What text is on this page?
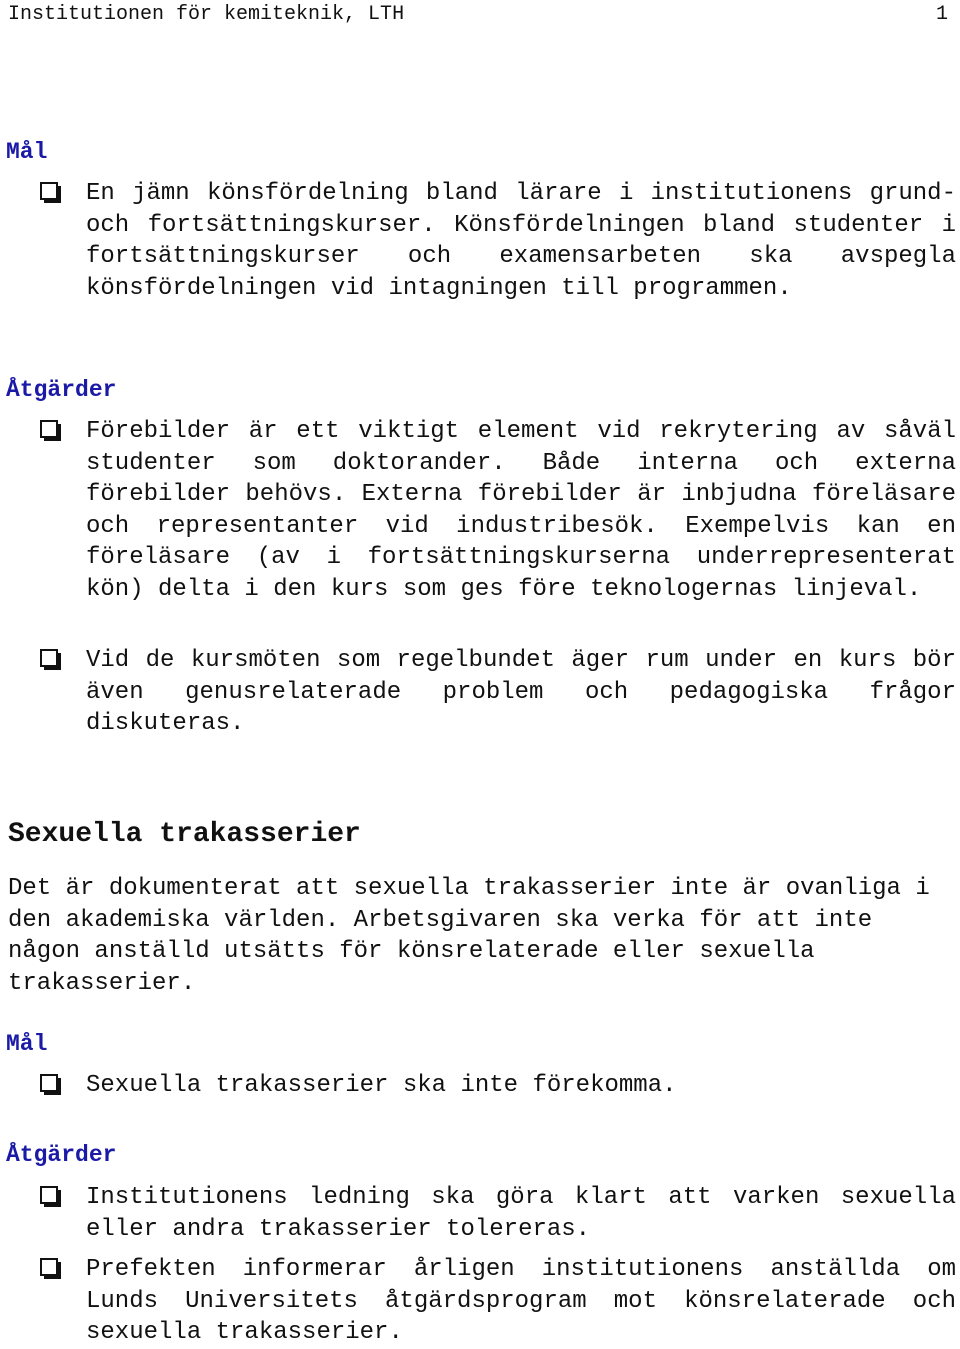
Institutionen för kemiteknik, LTH	1
Mål
En jämn könsfördelning bland lärare i institutionens grund- och fortsättningskurser. Könsfördelningen bland studenter i fortsättningskurser och examensarbeten ska avspegla könsfördelningen vid intagningen till programmen.
Åtgärder
Förebilder är ett viktigt element vid rekrytering av såväl studenter som doktorander. Både interna och externa förebilder behövs. Externa förebilder är inbjudna föreläsare och representanter vid industribesök. Exempelvis kan en föreläsare (av i fortsättningskurserna underrepresenterat kön) delta i den kurs som ges före teknologernas linjeval.
Vid de kursmöten som regelbundet äger rum under en kurs bör även genusrelaterade problem och pedagogiska frågor diskuteras.
Sexuella trakasserier
Det är dokumenterat att sexuella trakasserier inte är ovanliga i den akademiska världen. Arbetsgivaren ska verka för att inte någon anställd utsätts för könsrelaterade eller sexuella trakasserier.
Mål
Sexuella trakasserier ska inte förekomma.
Åtgärder
Institutionens ledning ska göra klart att varken sexuella eller andra trakasserier tolereras.
Prefekten informerar årligen institutionens anställda om Lunds Universitets åtgärdsprogram mot könsrelaterade och sexuella trakasserier.
